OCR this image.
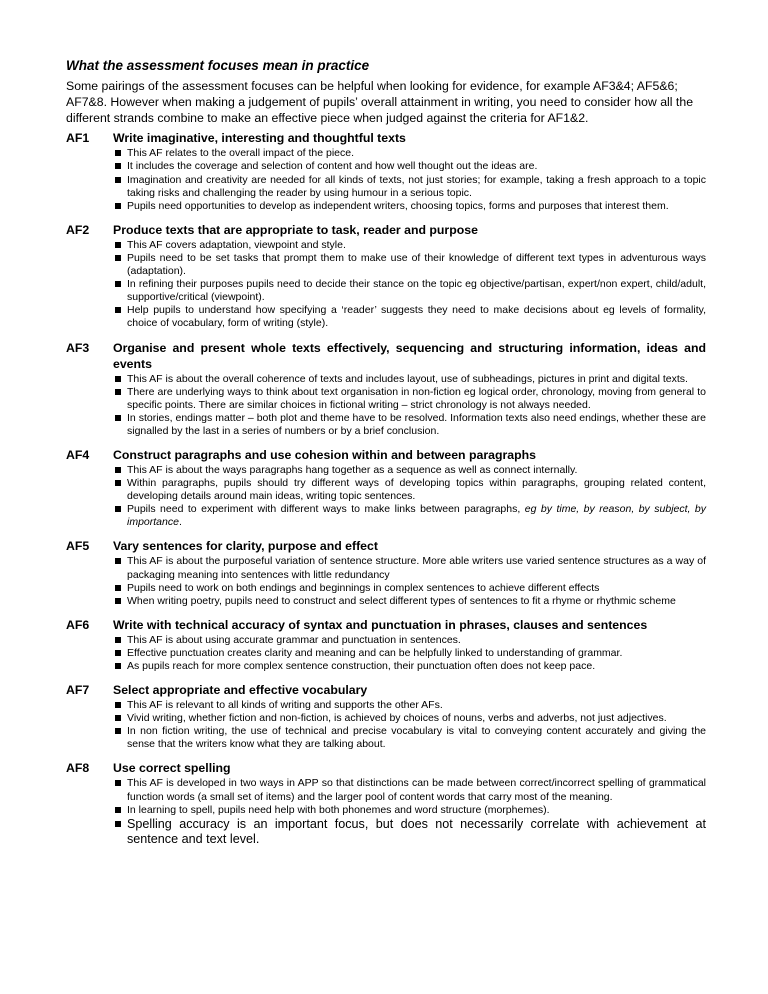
What the assessment focuses mean in practice

Some pairings of the assessment focuses can be helpful when looking for evidence, for example AF3&4; AF5&6; AF7&8. However when making a judgement of pupils’ overall attainment in writing, you need to consider how all the different strands combine to make an effective piece when judged against the criteria for AF1&2.

AF1	Write imaginative, interesting and thoughtful texts
This AF relates to the overall impact of the piece.
It includes the coverage and selection of content and how well thought out the ideas are.
Imagination and creativity are needed for all kinds of texts, not just stories; for example, taking a fresh approach to a topic taking risks and challenging the reader by using humour in a serious topic.
Pupils need opportunities to develop as independent writers, choosing topics, forms and purposes that interest them.
AF2	Produce texts that are appropriate to task, reader and purpose
This AF covers adaptation, viewpoint and style.
Pupils need to be set tasks that prompt them to make use of their knowledge of different text types in adventurous ways (adaptation).
In refining their purposes pupils need to decide their stance on the topic eg objective/partisan, expert/non expert, child/adult, supportive/critical (viewpoint).
Help pupils to understand how specifying a ‘reader’ suggests they need to make decisions about eg levels of formality, choice of vocabulary, form of writing (style).
AF3	Organise and present whole texts effectively, sequencing and structuring information, ideas and events
This AF is about the overall coherence of texts and includes layout, use of subheadings, pictures in print and digital texts.
There are underlying ways to think about text organisation in non-fiction eg logical order, chronology, moving from general to specific points. There are similar choices in fictional writing – strict chronology is not always needed.
In stories, endings matter – both plot and theme have to be resolved. Information texts also need endings, whether these are signalled by the last in a series of numbers or by a brief conclusion.
AF4	Construct paragraphs and use cohesion within and between paragraphs
This AF is about the ways paragraphs hang together as a sequence as well as connect internally.
Within paragraphs, pupils should try different ways of developing topics within paragraphs, grouping related content, developing details around main ideas, writing topic sentences.
Pupils need to experiment with different ways to make links between paragraphs, eg by time, by reason, by subject, by importance.
AF5	Vary sentences for clarity, purpose and effect
This AF is about the purposeful variation of sentence structure. More able writers use varied sentence structures as a way of packaging meaning into sentences with little redundancy
Pupils need to work on both endings and beginnings in complex sentences to achieve different effects
When writing poetry, pupils need to construct and select different types of sentences to fit a rhyme or rhythmic scheme
AF6	Write with technical accuracy of syntax and punctuation in phrases, clauses and sentences
This AF is about using accurate grammar and punctuation in sentences.
Effective punctuation creates clarity and meaning and can be helpfully linked to understanding of grammar.
As pupils reach for more complex sentence construction, their punctuation often does not keep pace.
AF7	Select appropriate and effective vocabulary
This AF is relevant to all kinds of writing and supports the other AFs.
Vivid writing, whether fiction and non-fiction, is achieved by choices of nouns, verbs and adverbs, not just adjectives.
In non fiction writing, the use of technical and precise vocabulary is vital to conveying content accurately and giving the sense that the writers know what they are talking about.
AF8	Use correct spelling
This AF is developed in two ways in APP so that distinctions can be made between correct/incorrect spelling of grammatical function words (a small set of items) and the larger pool of content words that carry most of the meaning.
In learning to spell, pupils need help with both phonemes and word structure (morphemes).
Spelling accuracy is an important focus, but does not necessarily correlate with achievement at sentence and text level.
